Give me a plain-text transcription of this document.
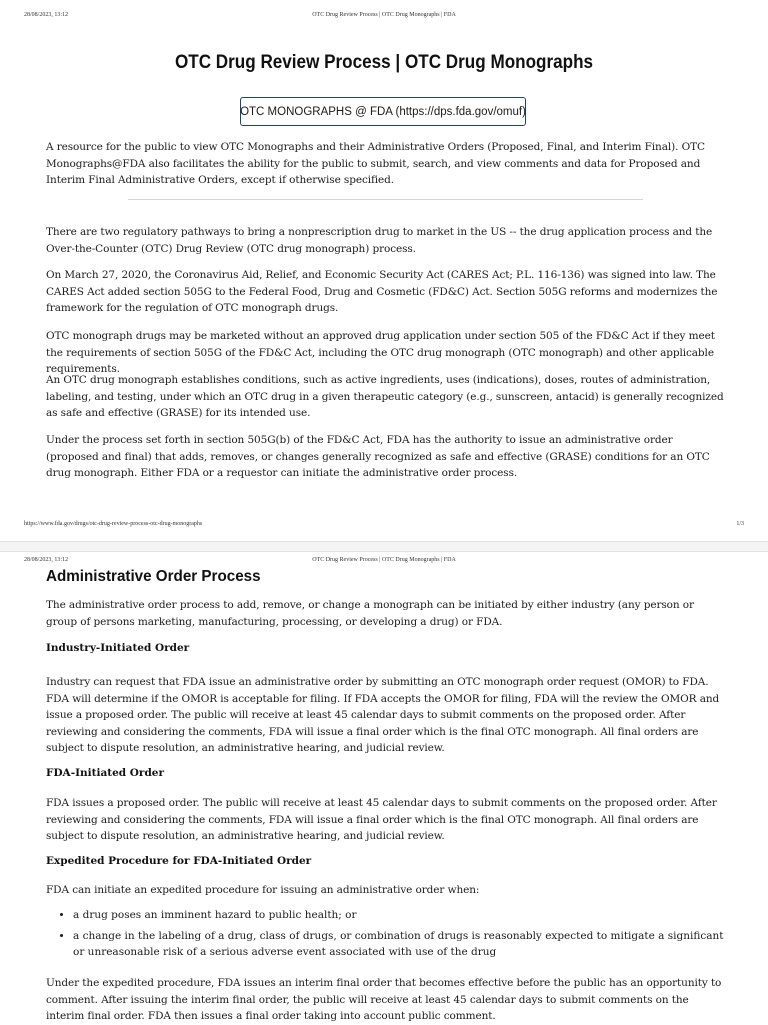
28/08/2023, 13:12	OTC Drug Review Process | OTC Drug Monographs | FDA
OTC Drug Review Process | OTC Drug Monographs
OTC MONOGRAPHS @ FDA (https://dps.fda.gov/omuf)

A resource for the public to view OTC Monographs and their Administrative Orders (Proposed, Final, and Interim Final). OTC Monographs@FDA also facilitates the ability for the public to submit, search, and view comments and data for Proposed and Interim Final Administrative Orders, except if otherwise specified.

There are two regulatory pathways to bring a nonprescription drug to market in the US -- the drug application process and the Over-the-Counter (OTC) Drug Review (OTC drug monograph) process.

On March 27, 2020, the Coronavirus Aid, Relief, and Economic Security Act (CARES Act; P.L. 116-136) was signed into law. The CARES Act added section 505G to the Federal Food, Drug and Cosmetic (FD&C) Act. Section 505G reforms and modernizes the framework for the regulation of OTC monograph drugs.

OTC monograph drugs may be marketed without an approved drug application under section 505 of the FD&C Act if they meet the requirements of section 505G of the FD&C Act, including the OTC drug monograph (OTC monograph) and other applicable requirements.

An OTC drug monograph establishes conditions, such as active ingredients, uses (indications), doses, routes of administration, labeling, and testing, under which an OTC drug in a given therapeutic category (e.g., sunscreen, antacid) is generally recognized as safe and effective (GRASE) for its intended use.

Under the process set forth in section 505G(b) of the FD&C Act, FDA has the authority to issue an administrative order (proposed and final) that adds, removes, or changes generally recognized as safe and effective (GRASE) conditions for an OTC drug monograph. Either FDA or a requestor can initiate the administrative order process.

https://www.fda.gov/drugs/otc-drug-review-process-otc-drug-monographs	1/3
28/08/2023, 13:12	OTC Drug Review Process | OTC Drug Monographs | FDA
Administrative Order Process

The administrative order process to add, remove, or change a monograph can be initiated by either industry (any person or group of persons marketing, manufacturing, processing, or developing a drug) or FDA.

Industry-Initiated Order

Industry can request that FDA issue an administrative order by submitting an OTC monograph order request (OMOR) to FDA. FDA will determine if the OMOR is acceptable for filing. If FDA accepts the OMOR for filing, FDA will the review the OMOR and issue a proposed order. The public will receive at least 45 calendar days to submit comments on the proposed order. After reviewing and considering the comments, FDA will issue a final order which is the final OTC monograph. All final orders are subject to dispute resolution, an administrative hearing, and judicial review.

FDA-Initiated Order

FDA issues a proposed order. The public will receive at least 45 calendar days to submit comments on the proposed order. After reviewing and considering the comments, FDA will issue a final order which is the final OTC monograph. All final orders are subject to dispute resolution, an administrative hearing, and judicial review.

Expedited Procedure for FDA-Initiated Order

FDA can initiate an expedited procedure for issuing an administrative order when:

• a drug poses an imminent hazard to public health; or
• a change in the labeling of a drug, class of drugs, or combination of drugs is reasonably expected to mitigate a significant or unreasonable risk of a serious adverse event associated with use of the drug

Under the expedited procedure, FDA issues an interim final order that becomes effective before the public has an opportunity to comment. After issuing the interim final order, the public will receive at least 45 calendar days to submit comments on the interim final order. FDA then issues a final order taking into account public comment.
